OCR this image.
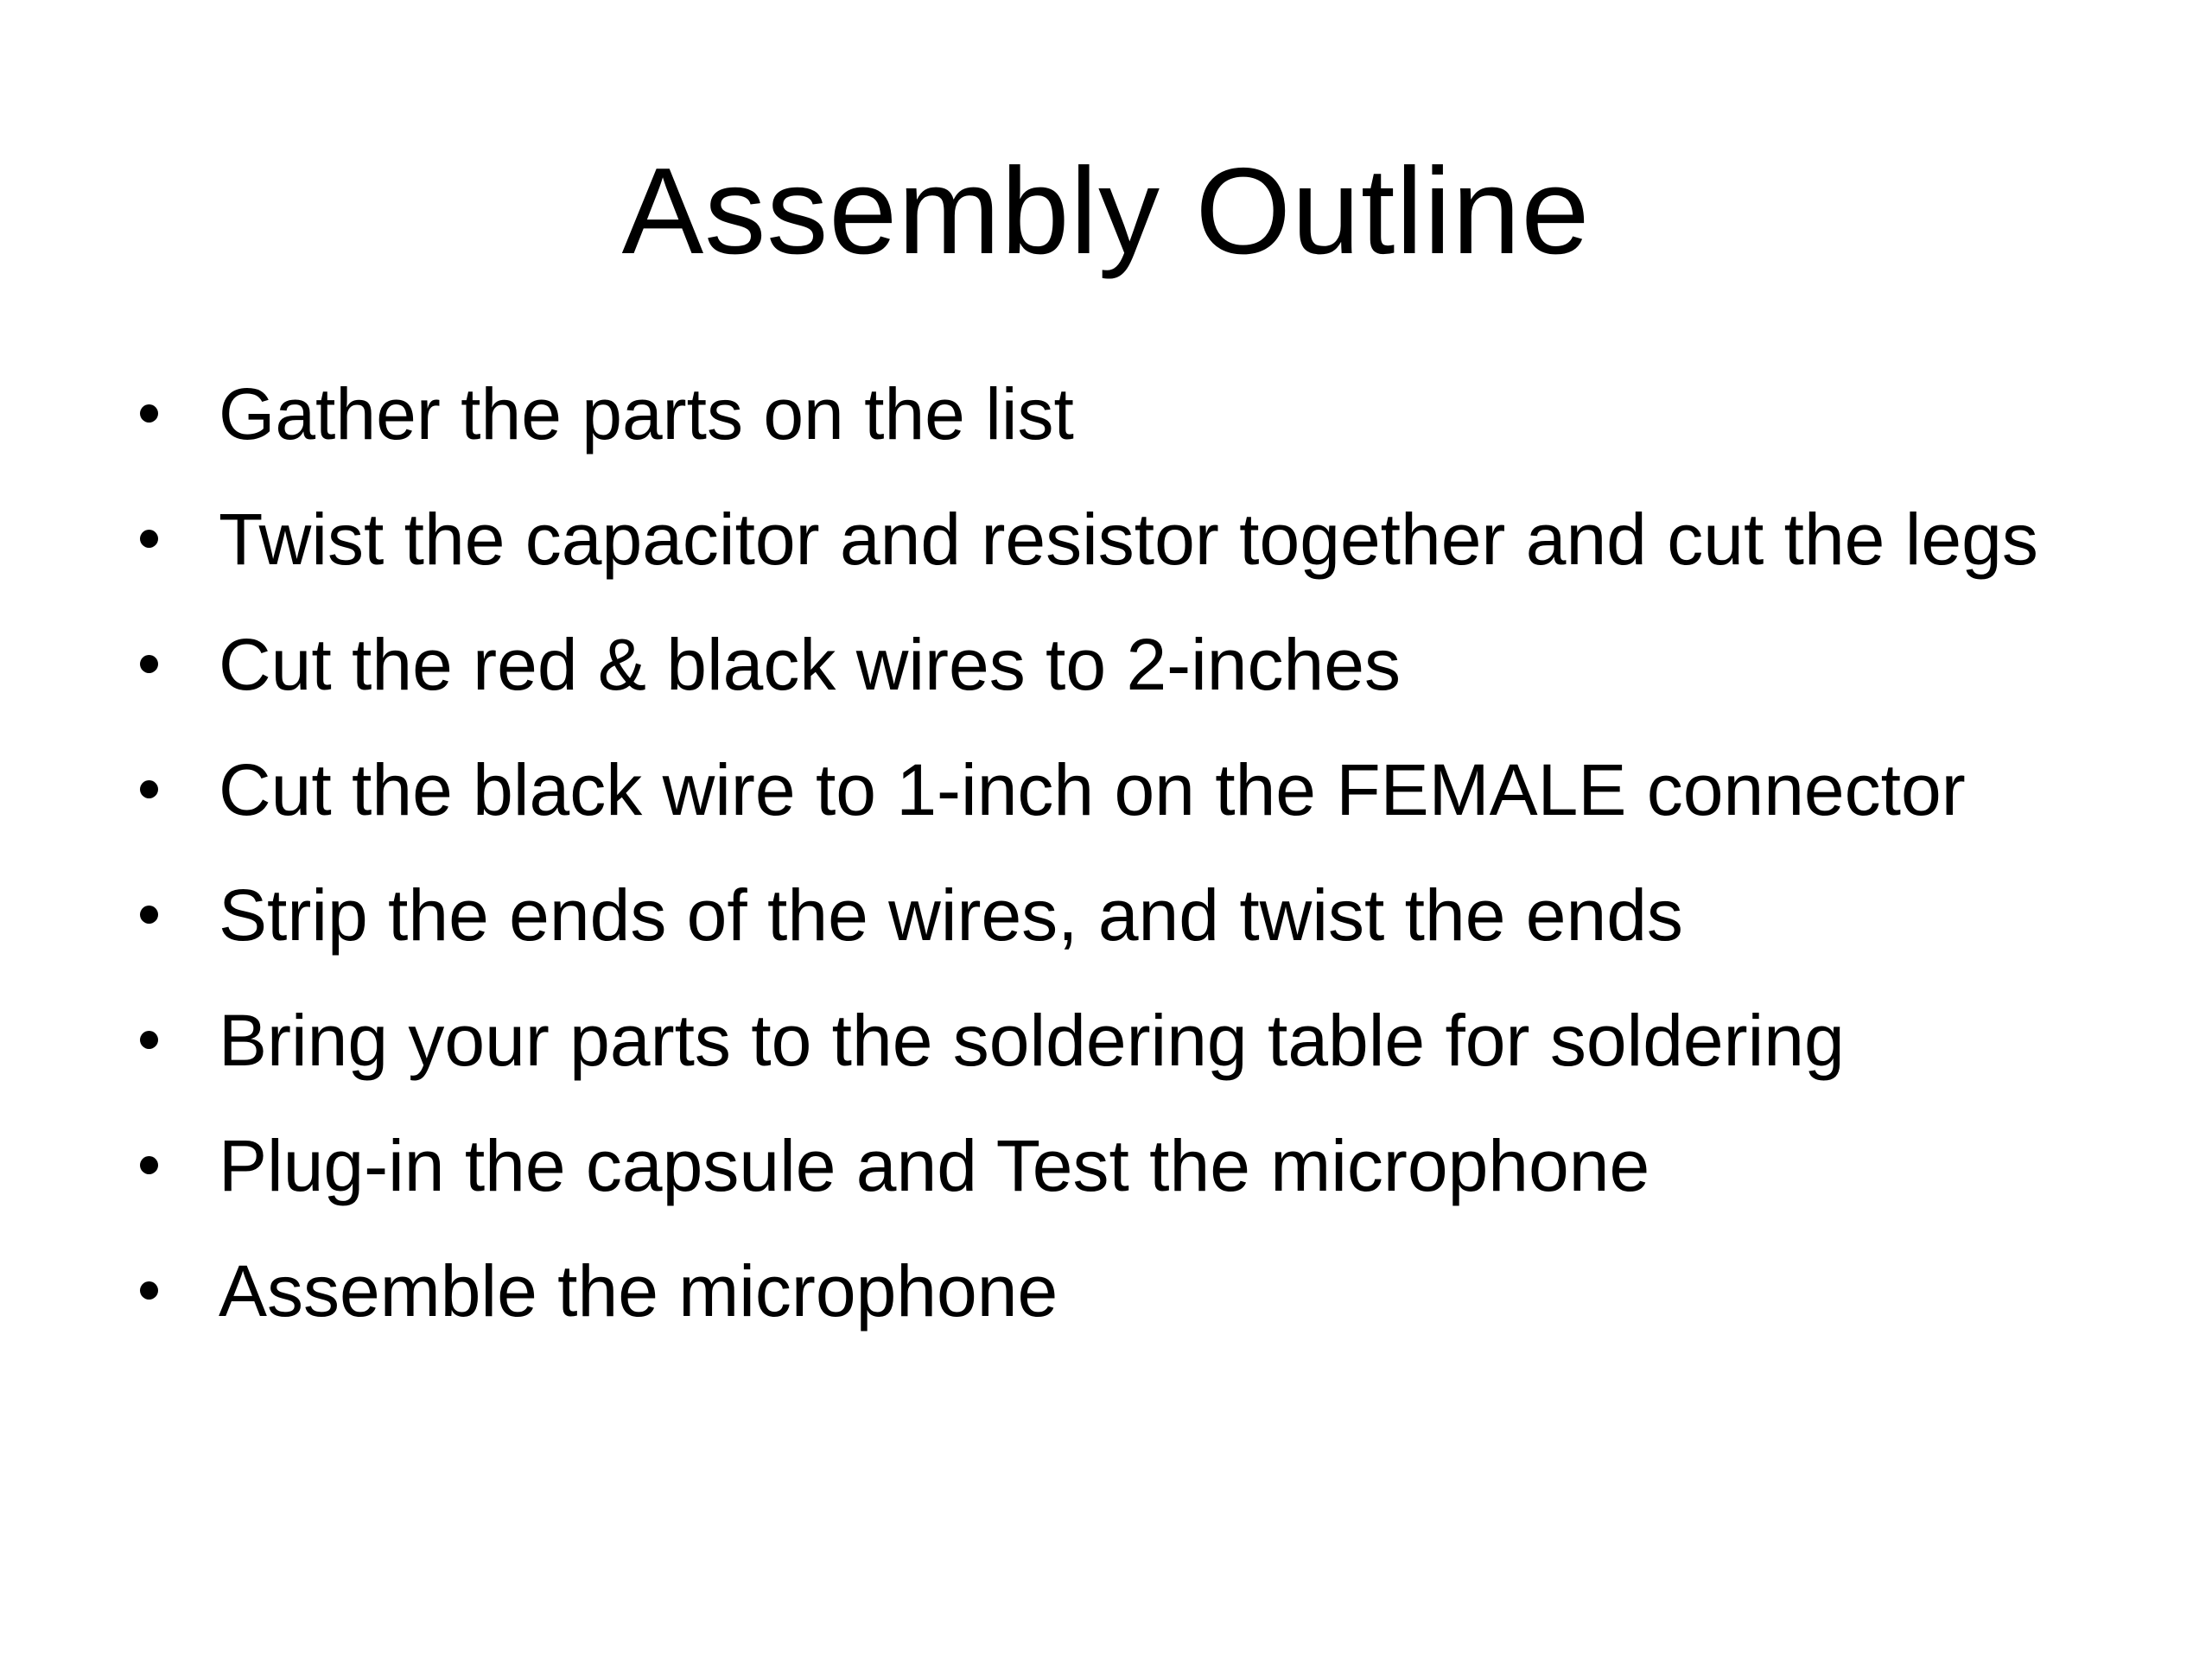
Assembly Outline
Gather the parts on the list
Twist the capacitor and resistor together and cut the legs
Cut the red & black wires to 2-inches
Cut the black wire to 1-inch on the FEMALE connector
Strip the ends of the wires, and twist the ends
Bring your parts to the soldering table for soldering
Plug-in the capsule and Test the microphone
Assemble the microphone
